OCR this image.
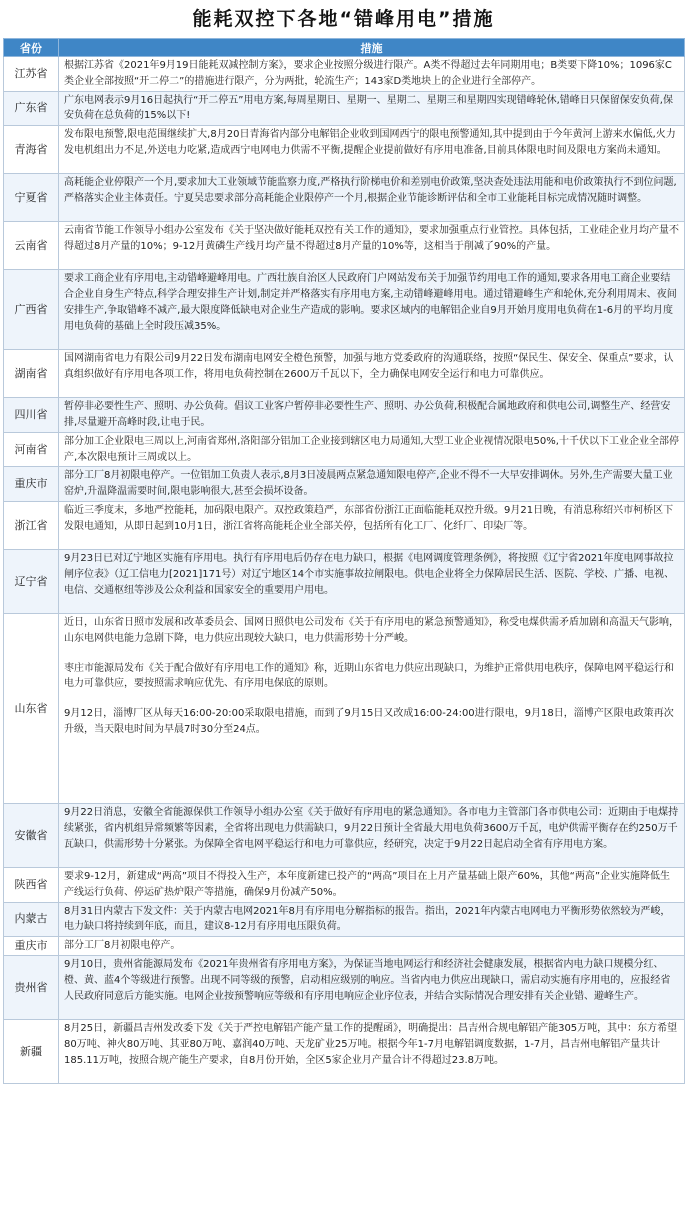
能耗双控下各地“错峰用电”措施
省份	措施
江苏省	根据江苏省《2021年9月19日能耗双减控制方案》，要求企业按照分级进行限产。A类不得超过去年同期用电；B类要下降10%；1096家C类企业全部按照“开二停二”的措施进行限产，分为两批，轮流生产；143家D类地块上的企业进行全部停产。

广东省	广东电网表示9月16日起执行“开二停五”用电方案,每周星期日、星期一、星期二、星期三和星期四实现错峰轮休,错峰日只保留保安负荷,保安负荷在总负荷的15%以下!

青海省	发布限电预警,限电范围继续扩大,8月20日青海省内部分电解铝企业收到国网西宁的限电预警通知,其中提到由于今年黄河上游来水偏低,火力发电机组出力不足,外送电力吃紧,造成西宁电网电力供需不平衡,提醒企业提前做好有序用电准备,目前具体限电时间及限电方案尚未通知。

宁夏省	高耗能企业停限产一个月,要求加大工业领域节能监察力度,严格执行阶梯电价和差别电价政策,坚决查处违法用能和电价政策执行不到位问题,严格落实企业主体责任。宁夏吴忠要求部分高耗能企业限停产一个月,根据企业节能诊断评估和全市工业能耗目标完成情况随时调整。

云南省	云南省节能工作领导小组办公室发布《关于坚决做好能耗双控有关工作的通知》，要求加强重点行业管控。具体包括，工业硅企业月均产量不得超过8月产量的10%；9-12月黄磷生产线月均产量不得超过8月产量的10%等，这相当于削减了90%的产量。

广西省	要求工商企业有序用电,主动错峰避峰用电。广西壮族自治区人民政府门户网站发布关于加强节约用电工作的通知,要求各用电工商企业要结合企业自身生产特点,科学合理安排生产计划,制定并严格落实有序用电方案,主动错峰避峰用电。通过错避峰生产和轮休,充分利用周末、夜间安排生产,争取错峰不减产,最大限度降低缺电对企业生产造成的影响。要求区域内的电解铝企业自9月开始月度用电负荷在1-6月的平均月度用电负荷的基础上全时段压减35%。

湖南省	国网湖南省电力有限公司9月22日发布湖南电网安全橙色预警，加强与地方党委政府的沟通联络，按照“保民生、保安全、保重点”要求，认真组织做好有序用电各项工作，将用电负荷控制在2600万千瓦以下，全力确保电网安全运行和电力可靠供应。

四川省	暂停非必要性生产、照明、办公负荷。倡议工业客户暂停非必要性生产、照明、办公负荷,积极配合属地政府和供电公司,调整生产、经营安排,尽量避开高峰时段,让电于民。

河南省	部分加工企业限电三周以上,河南省郑州,洛阳部分铝加工企业接到辖区电力局通知,大型工业企业视情况限电50%,十千伏以下工业企业全部停产,本次限电预计三周或以上。

重庆市	部分工厂8月初限电停产。一位铝加工负责人表示,8月3日凌晨两点紧急通知限电停产,企业不得不一大早安排调休。另外,生产需要大量工业窑炉,升温降温需要时间,限电影响很大,甚至会损坏设备。

浙江省	临近三季度末，多地严控能耗，加码限电限产。双控政策趋严，东部省份浙江正面临能耗双控升级。9月21日晚，有消息称绍兴市柯桥区下发限电通知，从即日起到10月1日，浙江省将高能耗企业全部关停，包括所有化工厂、化纤厂、印染厂等。

辽宁省	9月23日已对辽宁地区实施有序用电。执行有序用电后仍存在电力缺口，根据《电网调度管理条例》，将按照《辽宁省2021年度电网事故拉闸序位表》（辽工信电力[2021]171号）对辽宁地区14个市实施事故拉闸限电。供电企业将全力保障居民生活、医院、学校、广播、电视、电信、交通枢纽等涉及公众利益和国家安全的重要用户用电。

山东省	近日，山东省日照市发展和改革委员会、国网日照供电公司发布《关于有序用电的紧急预警通知》，称受电煤供需矛盾加剧和高温天气影响，山东电网供电能力急剧下降，电力供应出现较大缺口，电力供需形势十分严峻。
枣庄市能源局发布《关于配合做好有序用电工作的通知》称，近期山东省电力供应出现缺口，为维护正常供用电秩序，保障电网平稳运行和电力可靠供应，要按照需求响应优先、有序用电保底的原则。
9月12日，淄博厂区从每天16:00-20:00采取限电措施，而到了9月15日又改成16:00-24:00进行限电，9月18日，淄博产区限电政策再次升级，当天限电时间为早晨7时30分至24点。

安徽省	9月22日消息，安徽全省能源保供工作领导小组办公室《关于做好有序用电的紧急通知》。各市电力主管部门各市供电公司：近期由于电煤持续紧张，省内机组异常频繁等因素，全省将出现电力供需缺口，9月22日预计全省最大用电负荷3600万千瓦，电炉供需平衡存在约250万千瓦缺口，供需形势十分紧张。为保障全省电网平稳运行和电力可靠供应，经研究，决定于9月22日起启动全省有序用电方案。

陕西省	要求9-12月，新建成“两高”项目不得投入生产，本年度新建已投产的“两高”项目在上月产量基础上限产60%，其他“两高”企业实施降低生产线运行负荷、停运矿热炉限产等措施，确保9月份减产50%。

内蒙古	8月31日内蒙古下发文件：关于内蒙古电网2021年8月有序用电分解指标的报告。指出，2021年内蒙古电网电力平衡形势依然较为严峻，电力缺口将持续到年底，而且，建议8-12月有序用电压限负荷。

重庆市	部分工厂8月初限电停产。

贵州省	9月10日，贵州省能源局发布《2021年贵州省有序用电方案》，为保证当地电网运行和经济社会健康发展，根据省内电力缺口规模分红、橙、黄、蓝4个等级进行预警。出现不同等级的预警，启动相应级别的响应。当省内电力供应出现缺口，需启动实施有序用电的，应报经省人民政府同意后方能实施。电网企业按预警响应等级和有序用电响应企业序位表，并结合实际情况合理安排有关企业错、避峰生产。

新疆	8月25日，新疆昌吉州发改委下发《关于严控电解铝产能产量工作的提醒函》，明确提出：昌吉州合规电解铝产能305万吨，其中：东方希望80万吨、神火80万吨、其亚80万吨、嘉润40万吨、天龙矿业25万吨。根据今年1-7月电解铝调度数据，1-7月，昌吉州电解铝产量共计185.11万吨，按照合规产能生产要求，自8月份开始，全区5家企业月产量合计不得超过23.8万吨。
